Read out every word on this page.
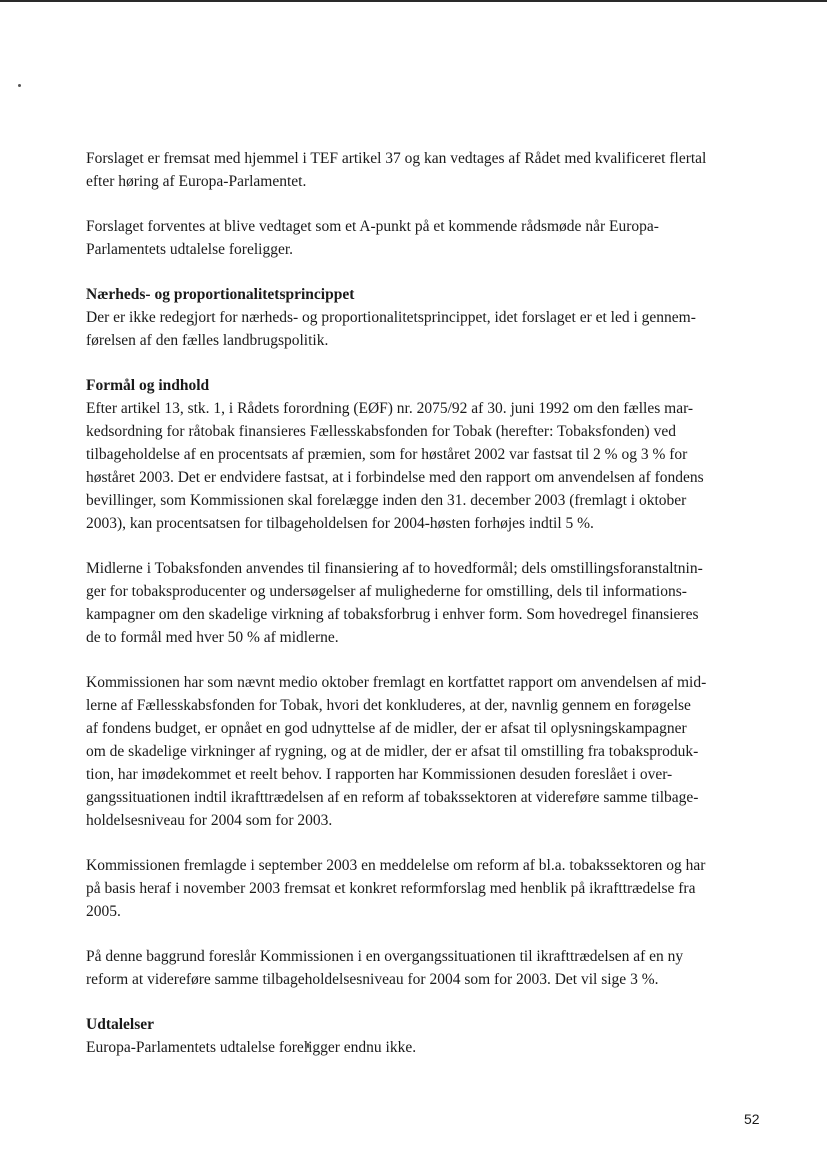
Forslaget er fremsat med hjemmel i TEF artikel 37 og kan vedtages af Rådet med kvalificeret flertal
efter høring af Europa-Parlamentet.

Forslaget forventes at blive vedtaget som et A-punkt på et kommende rådsmøde når Europa-
Parlamentets udtalelse foreligger.

Nærheds- og proportionalitetsprincippet
Der er ikke redegjort for nærheds- og proportionalitetsprincippet, idet forslaget er et led i gennem-
førelsen af den fælles landbrugspolitik.
Formål og indhold

Efter artikel 13, stk. 1, i Rådets forordning (EØF) nr. 2075/92 af 30. juni 1992 om den fælles mar-
kedsordning for råtobak finansieres Fællesskabsfonden for Tobak (herefter: Tobaksfonden) ved
tilbageholdelse af en procentsats af præmien, som for høståret 2002 var fastsat til 2 % og 3 % for
høståret 2003. Det er endvidere fastsat, at i forbindelse med den rapport om anvendelsen af fondens
bevillinger, som Kommissionen skal forelægge inden den 31. december 2003 (fremlagt i oktober
2003), kan procentsatsen for tilbageholdelsen for 2004-høsten forhøjes indtil 5 %.

Midlerne i Tobaksfonden anvendes til finansiering af to hovedformål; dels omstillingsforanstaltnin-
ger for tobaksproducenter og undersøgelser af mulighederne for omstilling, dels til informations-
kampagner om den skadelige virkning af tobaksforbrug i enhver form. Som hovedregel finansieres
de to formål med hver 50 % af midlerne.

Kommissionen har som nævnt medio oktober fremlagt en kortfattet rapport om anvendelsen af mid-
lerne af Fællesskabsfonden for Tobak, hvori det konkluderes, at der, navnlig gennem en forøgelse
af fondens budget, er opnået en god udnyttelse af de midler, der er afsat til oplysningskampagner
om de skadelige virkninger af rygning, og at de midler, der er afsat til omstilling fra tobaksproduk-
tion, har imødekommet et reelt behov. I rapporten har Kommissionen desuden foreslået i over-
gangssituationen indtil ikrafttrædelsen af en reform af tobakssektoren at videreføre samme tilbage-
holdelsesniveau for 2004 som for 2003.

Kommissionen fremlagde i september 2003 en meddelelse om reform af bl.a. tobakssektoren og har
på basis heraf i november 2003 fremsat et konkret reformforslag med henblik på ikrafttrædelse fra
2005.

På denne baggrund foreslår Kommissionen i en overgangssituationen til ikrafttrædelsen af en ny
reform at videreføre samme tilbageholdelsesniveau for 2004 som for 2003. Det vil sige 3 %.

Udtalelser
Europa-Parlamentets udtalelse foreligger endnu ikke.
52
